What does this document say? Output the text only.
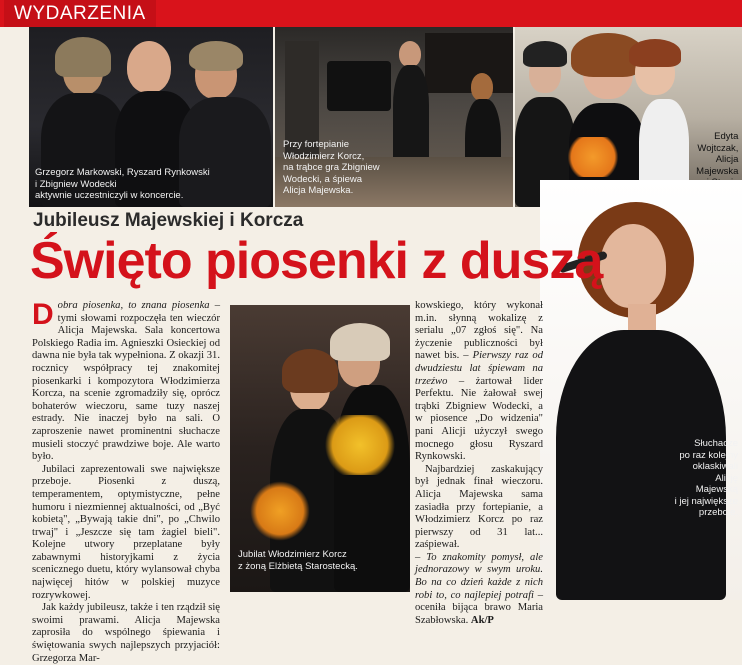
WYDARZENIA
Grzegorz Markowski, Ryszard Rynkowski
i Zbigniew Wodecki
aktywnie uczestniczyli w koncercie.
Przy fortepianie
Włodzimierz Korcz,
na trąbce gra Zbigniew
Wodecki, a śpiewa
Alicja Majewska.
Edyta
Wojtczak,
Alicja
Majewska
Słuchacze
po raz kolejny
oklaskiwali
Alicję
Majewską
i jej największe
przeboje.
Jubileusz Majewskiej i Korcza
Święto piosenki z duszą
Jubilat Włodzimierz Korcz
z żoną Elżbietą Starostecką.

Dobra piosenka, to znana piosenka – tymi słowami rozpoczęła ten wieczór Alicja Majewska. Sala koncertowa Polskiego Radia im. Agnieszki Osieckiej od dawna nie była tak wypełniona. Z okazji 31. rocznicy współpracy tej znakomitej piosenkarki i kompozytora Włodzimierza Korcza, na scenie zgromadziły się, oprócz bohaterów wieczoru, same tuzy naszej estrady. Nie inaczej było na sali. O zaproszenie nawet prominentni słuchacze musieli stoczyć prawdziwe boje. Ale warto było.

Jubilaci zaprezentowali swe największe przeboje. Piosenki z duszą, temperamentem, optymistyczne, pełne humoru i niezmiennej aktualności, od „Być kobietą", „Bywają takie dni", po „Chwilo trwaj" i „Jeszcze się tam żagiel bieli". Kolejne utwory przeplatane były zabawnymi historyjkami z życia scenicznego duetu, który wylansował chyba najwięcej hitów w polskiej muzyce rozrywkowej.

Jak każdy jubileusz, także i ten rządził się swoimi prawami. Alicja Majewska zaprosiła do wspólnego śpiewania i świętowania swych najlepszych przyjaciół: Grzegorza Mar-

kowskiego, który wykonał m.in. słynną wokalizę z serialu „07 zgłoś się". Na życzenie publiczności był nawet bis. – Pierwszy raz od dwudziestu lat śpiewam na trzeźwo – żartował lider Perfektu. Nie żałował swej trąbki Zbigniew Wodecki, a w piosence „Do widzenia" pani Alicji użyczył swego mocnego głosu Ryszard Rynkowski.

Najbardziej zaskakujący był jednak finał wieczoru. Alicja Majewska sama zasiadła przy fortepianie, a Włodzimierz Korcz po raz pierwszy od 31 lat... zaśpiewał.

– To znakomity pomysł, ale jednorazowy w swym uroku. Bo na co dzień każde z nich robi to, co najlepiej potrafi – oceniła bijąca brawo Maria Szabłowska. Ak/P
